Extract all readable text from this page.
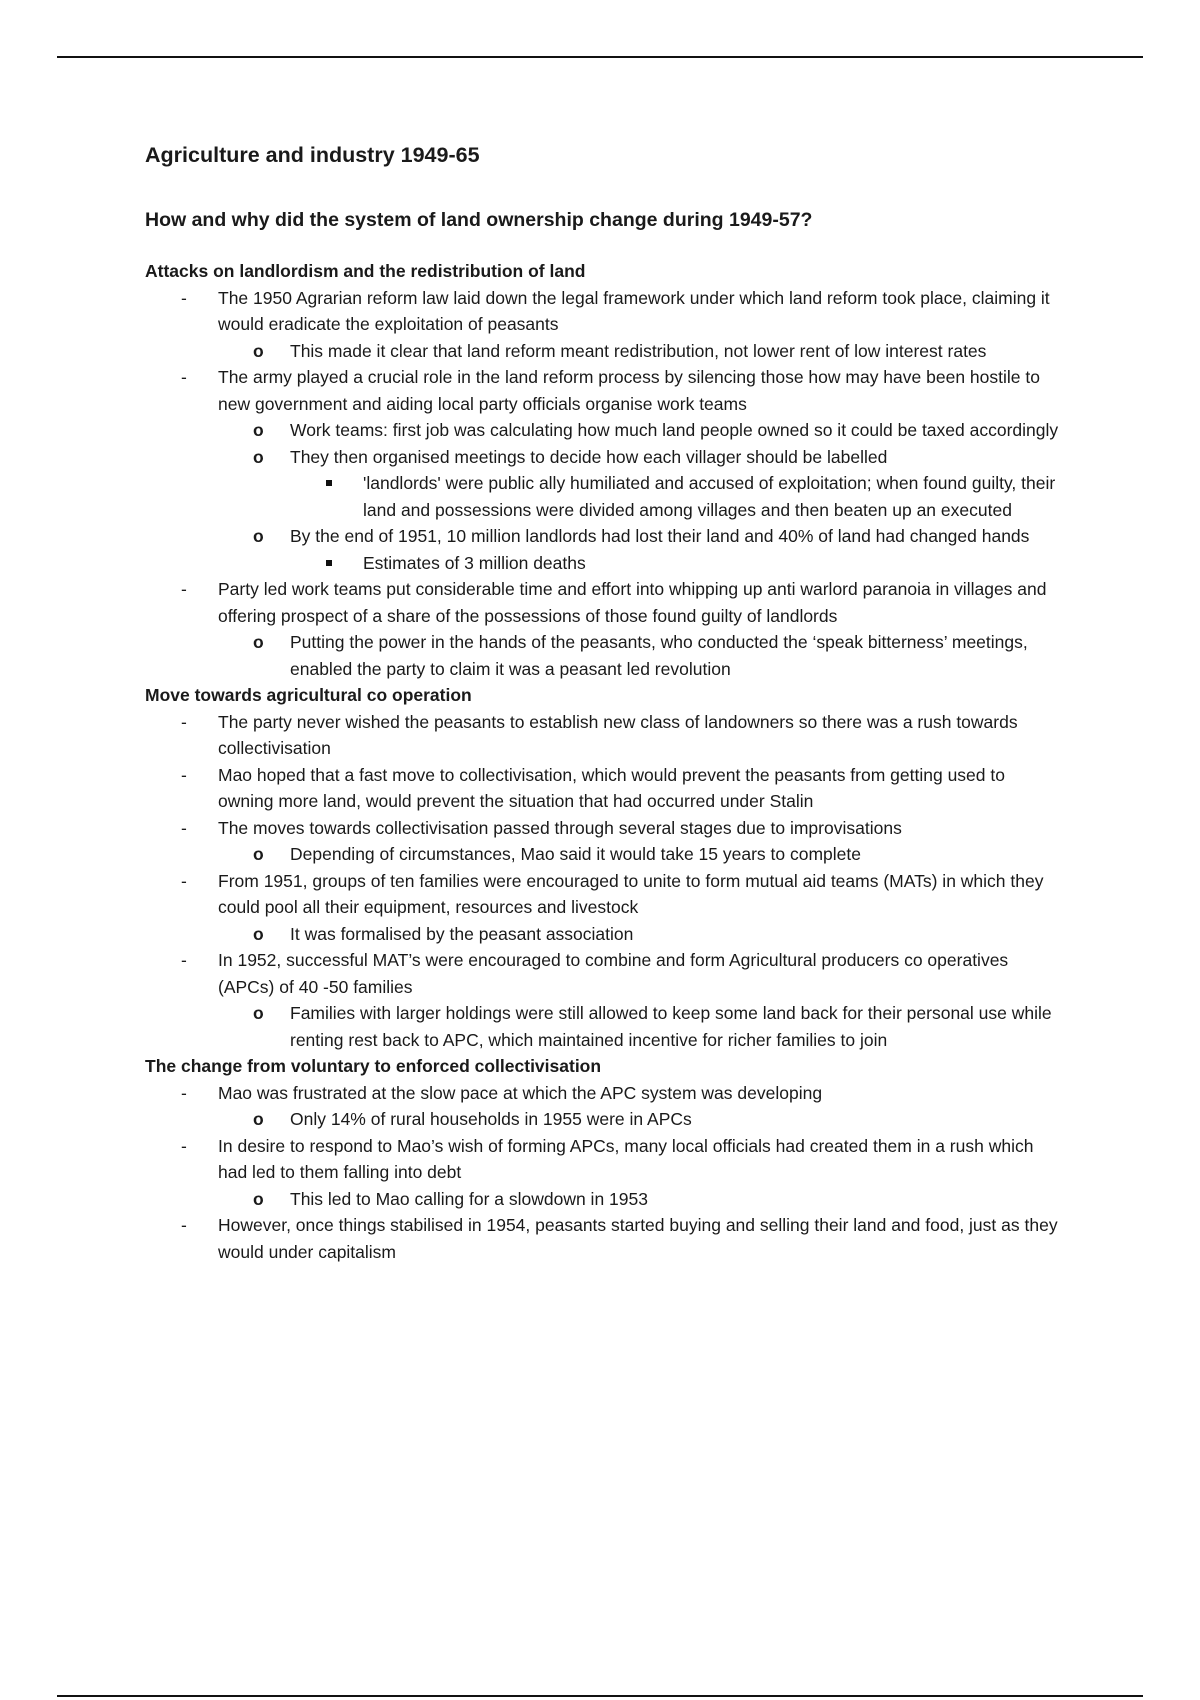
Agriculture and industry 1949-65
How and why did the system of land ownership change during 1949-57?
Attacks on landlordism and the redistribution of land
- The 1950 Agrarian reform law laid down the legal framework under which land reform took place, claiming it would eradicate the exploitation of peasants
o This made it clear that land reform meant redistribution, not lower rent of low interest rates
- The army played a crucial role in the land reform process by silencing those how may have been hostile to new government and aiding local party officials organise work teams
o Work teams: first job was calculating how much land people owned so it could be taxed accordingly
o They then organised meetings to decide how each villager should be labelled
'landlords' were public ally humiliated and accused of exploitation; when found guilty, their land and possessions were divided among villages and then beaten up an executed
o By the end of 1951, 10 million landlords had lost their land and 40% of land had changed hands
Estimates of 3 million deaths
- Party led work teams put considerable time and effort into whipping up anti warlord paranoia in villages and offering prospect of a share of the possessions of those found guilty of landlords
o Putting the power in the hands of the peasants, who conducted the ‘speak bitterness’ meetings, enabled the party to claim it was a peasant led revolution
Move towards agricultural co operation
- The party never wished the peasants to establish new class of landowners so there was a rush towards collectivisation
- Mao hoped that a fast move to collectivisation, which would prevent the peasants from getting used to owning more land, would prevent the situation that had occurred under Stalin
- The moves towards collectivisation passed through several stages due to improvisations
o Depending of circumstances, Mao said it would take 15 years to complete
- From 1951, groups of ten families were encouraged to unite to form mutual aid teams (MATs) in which they could pool all their equipment, resources and livestock
o It was formalised by the peasant association
- In 1952, successful MAT’s were encouraged to combine and form Agricultural producers co operatives (APCs) of 40 -50 families
o Families with larger holdings were still allowed to keep some land back for their personal use while renting rest back to APC, which maintained incentive for richer families to join
The change from voluntary to enforced collectivisation
- Mao was frustrated at the slow pace at which the APC system was developing
o Only 14% of rural households in 1955 were in APCs
- In desire to respond to Mao’s wish of forming APCs, many local officials had created them in a rush which had led to them falling into debt
o This led to Mao calling for a slowdown in 1953
- However, once things stabilised in 1954, peasants started buying and selling their land and food, just as they would under capitalism
